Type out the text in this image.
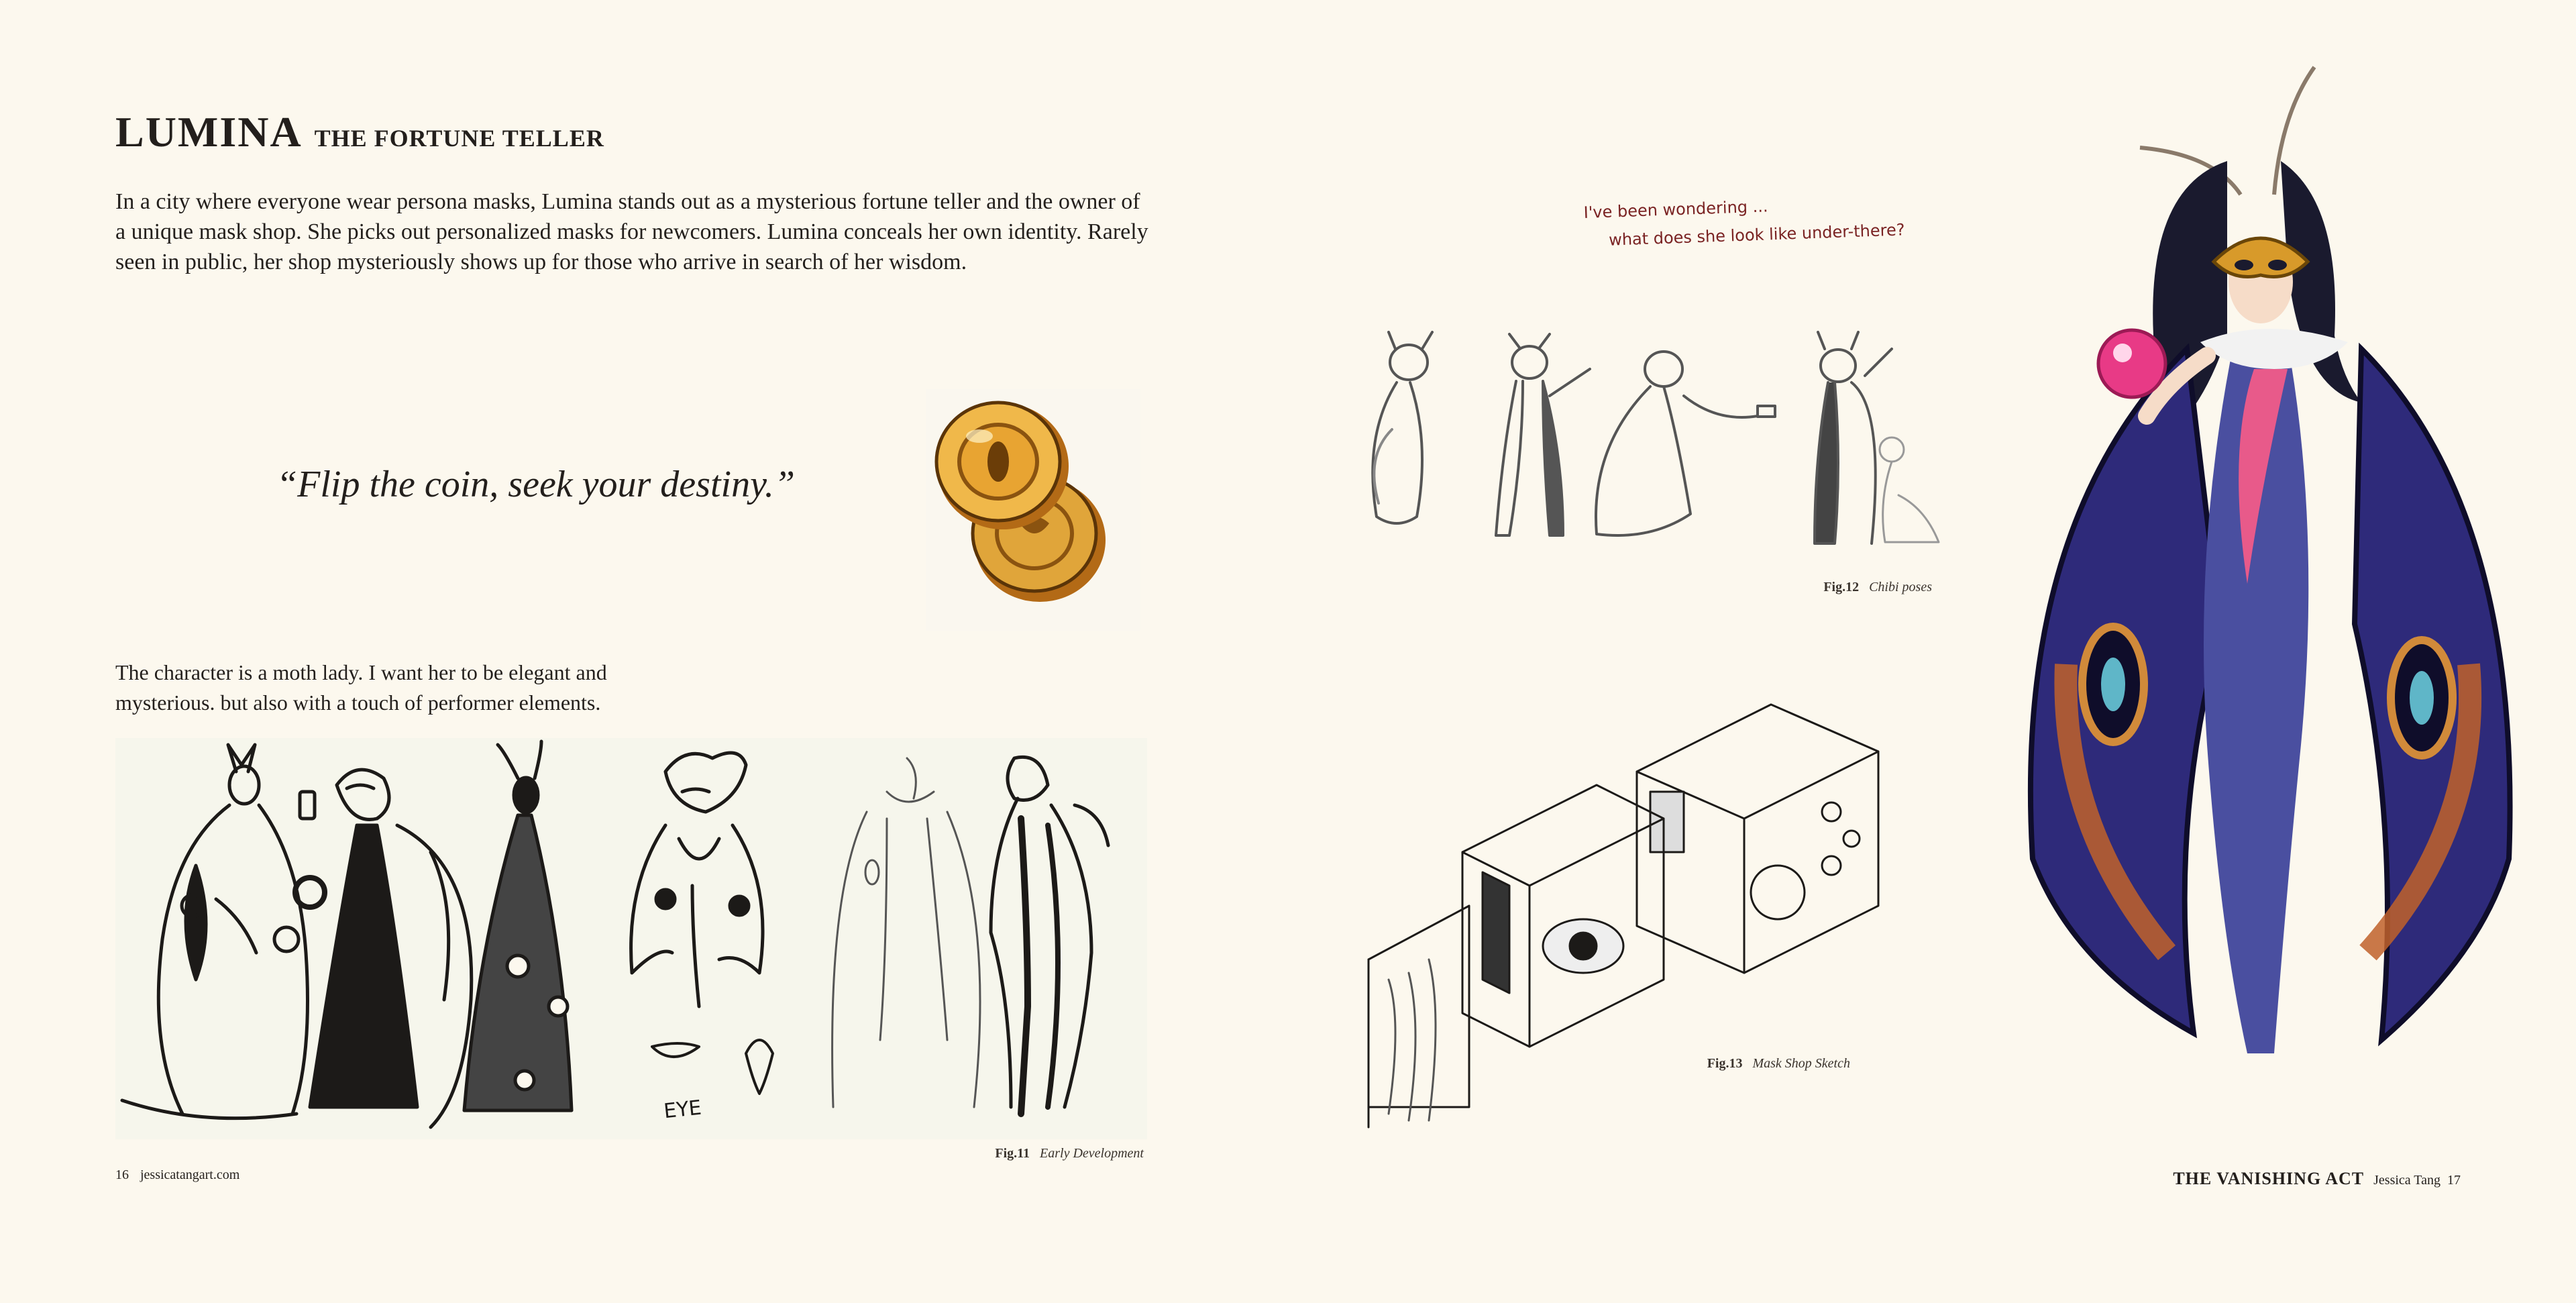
LUMINA THE FORTUNE TELLER

In a city where everyone wear persona masks, Lumina stands out as a mysterious fortune teller and the owner of a unique mask shop. She picks out personalized masks for newcomers. Lumina conceals her own identity. Rarely seen in public, her shop mysteriously shows up for those who arrive in search of her wisdom.

“Flip the coin, seek your destiny.”

The character is a moth lady. I want her to be elegant and mysterious. but also with a touch of performer elements.

EYE
Fig.11 Early Development
16 jessicatangart.com
I've been wondering ...
what does she look like under-there?
Fig.12 Chibi poses
Fig.13 Mask Shop Sketch
THE VANISHING ACT Jessica Tang 17
